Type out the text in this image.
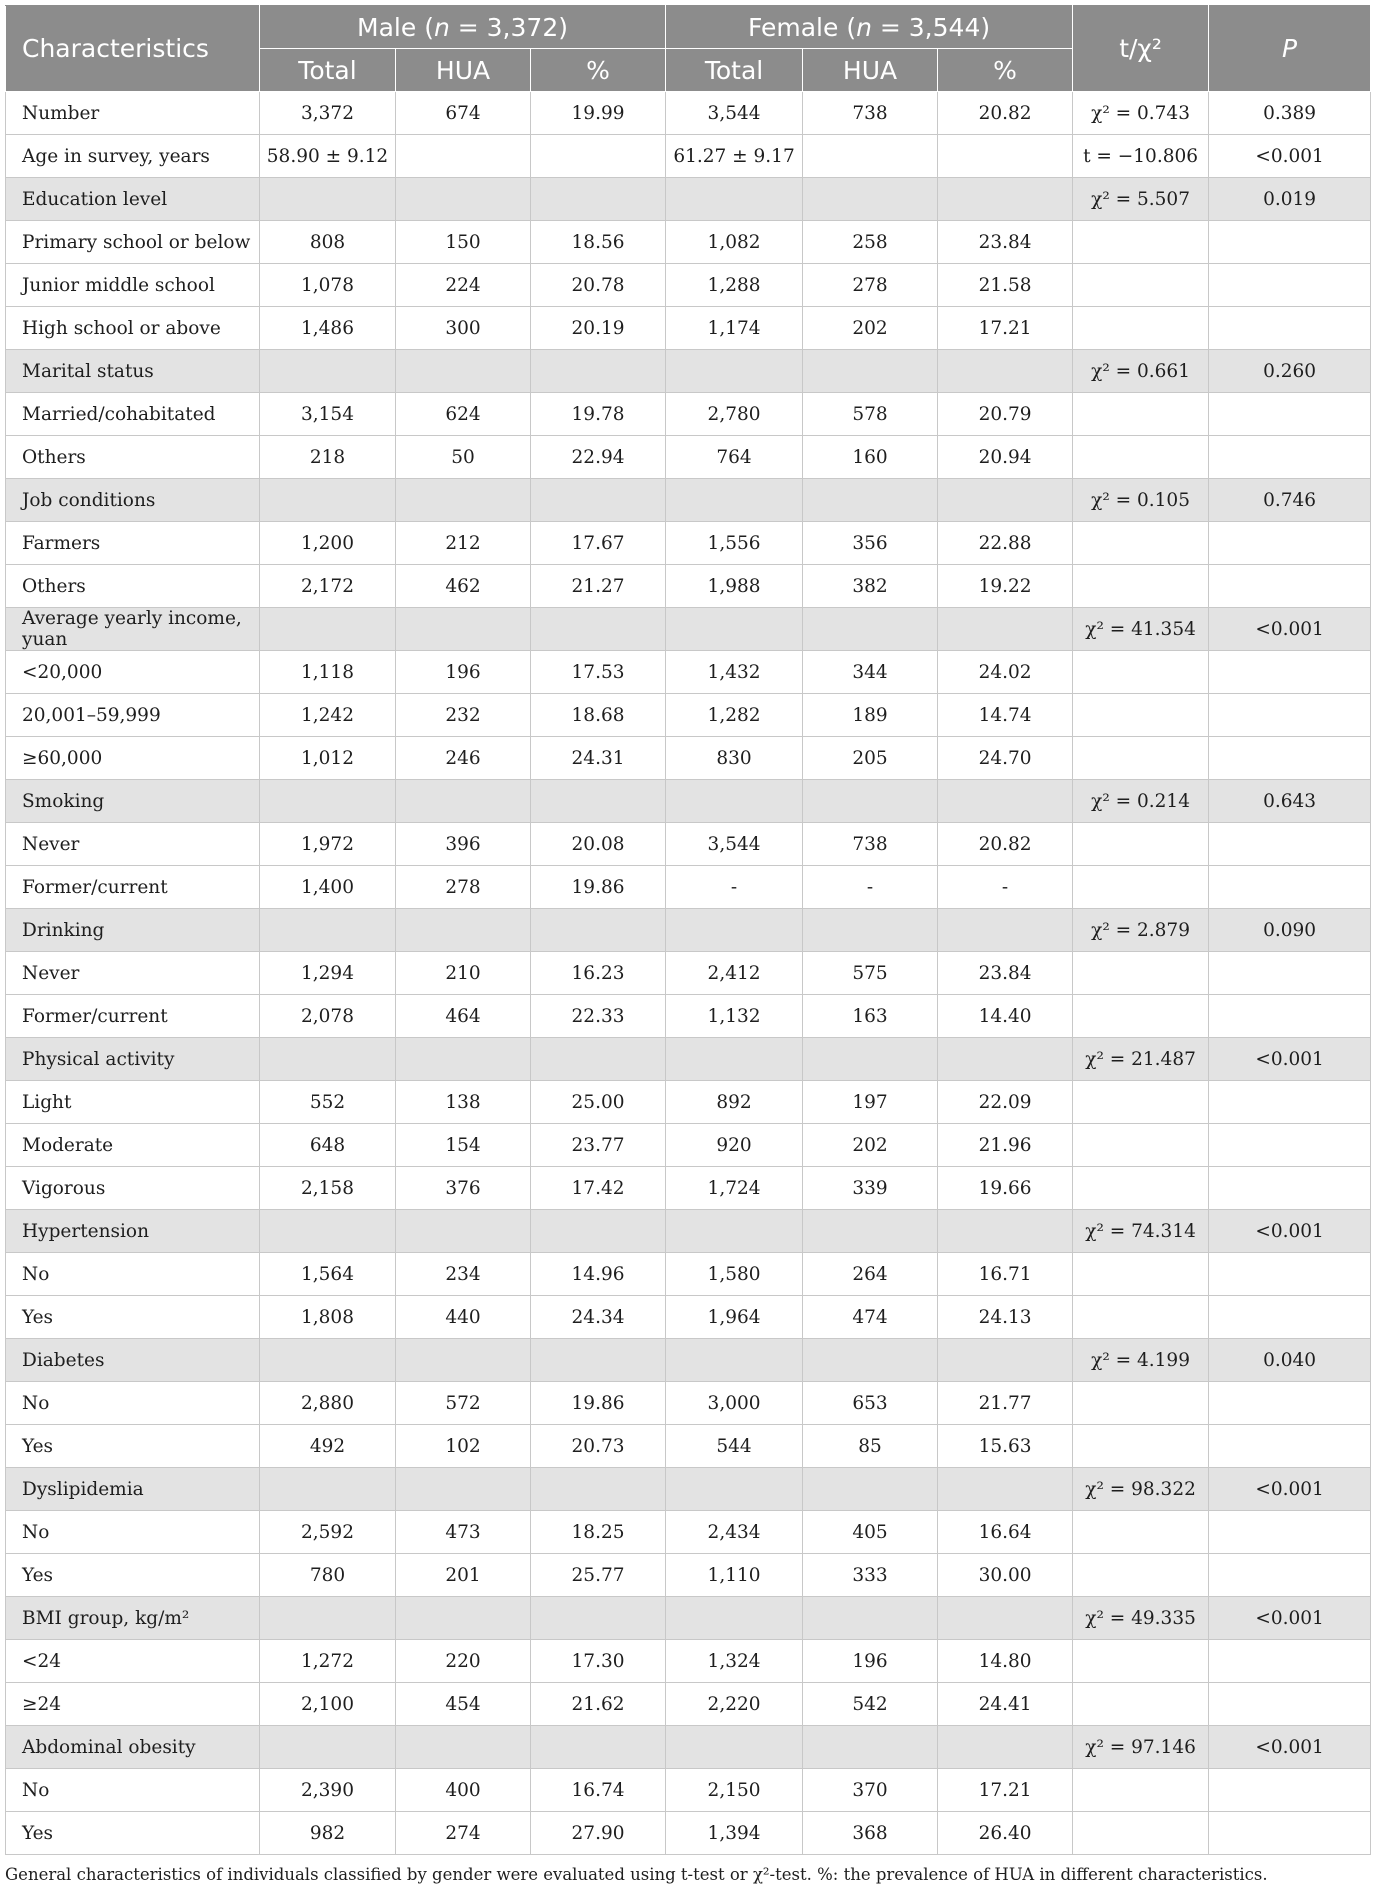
Characteristics	Male (n = 3,372)			Female (n = 3,544)			t/χ²	P
	Total	HUA	%	Total	HUA	%		
Number	3,372	674	19.99	3,544	738	20.82	χ² = 0.743	0.389
Age in survey, years	58.90 ± 9.12			61.27 ± 9.17			t = −10.806	<0.001
Education level							χ² = 5.507	0.019
Primary school or below	808	150	18.56	1,082	258	23.84		
Junior middle school	1,078	224	20.78	1,288	278	21.58		
High school or above	1,486	300	20.19	1,174	202	17.21		
Marital status							χ² = 0.661	0.260
Married/cohabitated	3,154	624	19.78	2,780	578	20.79		
Others	218	50	22.94	764	160	20.94		
Job conditions							χ² = 0.105	0.746
Farmers	1,200	212	17.67	1,556	356	22.88		
Others	2,172	462	21.27	1,988	382	19.22		
Average yearly income, yuan							χ² = 41.354	<0.001
<20,000	1,118	196	17.53	1,432	344	24.02		
20,001–59,999	1,242	232	18.68	1,282	189	14.74		
≥60,000	1,012	246	24.31	830	205	24.70		
Smoking							χ² = 0.214	0.643
Never	1,972	396	20.08	3,544	738	20.82		
Former/current	1,400	278	19.86	-	-	-		
Drinking							χ² = 2.879	0.090
Never	1,294	210	16.23	2,412	575	23.84		
Former/current	2,078	464	22.33	1,132	163	14.40		
Physical activity							χ² = 21.487	<0.001
Light	552	138	25.00	892	197	22.09		
Moderate	648	154	23.77	920	202	21.96		
Vigorous	2,158	376	17.42	1,724	339	19.66		
Hypertension							χ² = 74.314	<0.001
No	1,564	234	14.96	1,580	264	16.71		
Yes	1,808	440	24.34	1,964	474	24.13		
Diabetes							χ² = 4.199	0.040
No	2,880	572	19.86	3,000	653	21.77		
Yes	492	102	20.73	544	85	15.63		
Dyslipidemia							χ² = 98.322	<0.001
No	2,592	473	18.25	2,434	405	16.64		
Yes	780	201	25.77	1,110	333	30.00		
BMI group, kg/m²							χ² = 49.335	<0.001
<24	1,272	220	17.30	1,324	196	14.80		
≥24	2,100	454	21.62	2,220	542	24.41		
Abdominal obesity							χ² = 97.146	<0.001
No	2,390	400	16.74	2,150	370	17.21		
Yes	982	274	27.90	1,394	368	26.40		
General characteristics of individuals classified by gender were evaluated using t-test or χ²-test. %: the prevalence of HUA in different characteristics.
